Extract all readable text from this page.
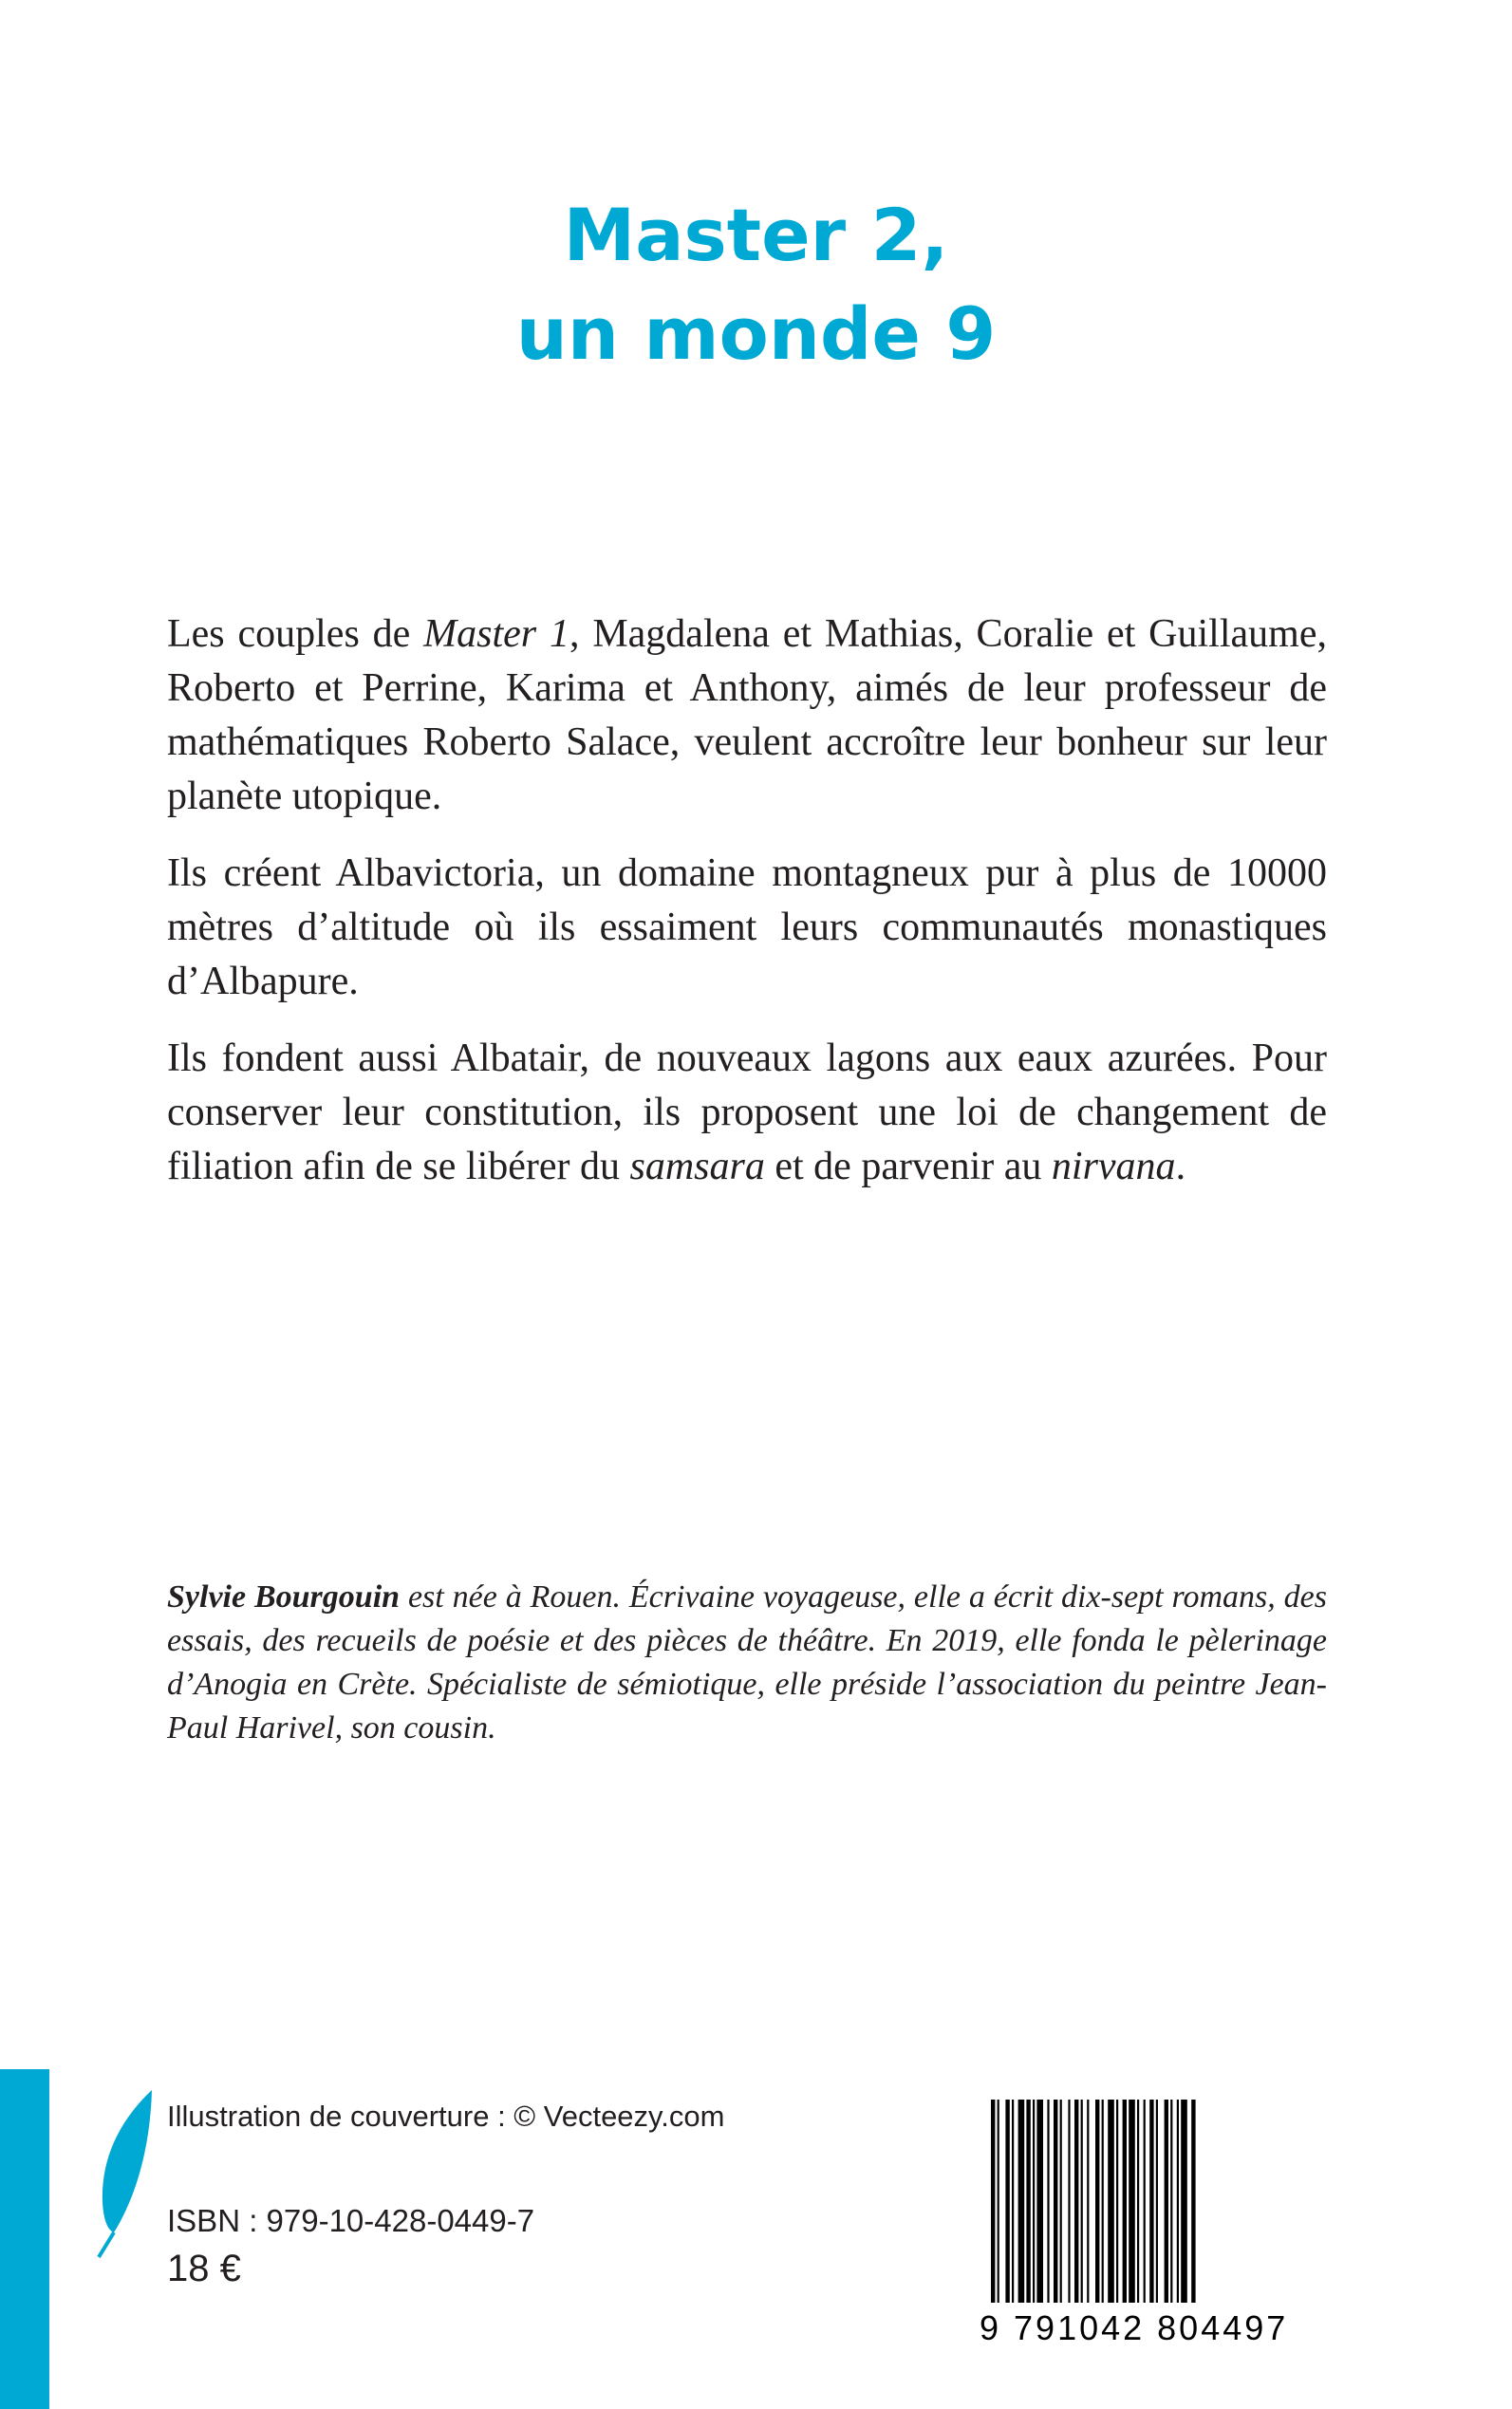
Master 2,
un monde 9

Les couples de Master 1, Magdalena et Mathias, Coralie et Guillaume, Roberto et Perrine, Karima et Anthony, aimés de leur professeur de mathématiques Roberto Salace, veulent accroître leur bonheur sur leur planète utopique.

Ils créent Albavictoria, un domaine montagneux pur à plus de 10000 mètres d’altitude où ils essaiment leurs communautés monastiques d’Albapure.

Ils fondent aussi Albatair, de nouveaux lagons aux eaux azurées. Pour conserver leur constitution, ils proposent une loi de changement de filiation afin de se libérer du samsara et de parvenir au nirvana.

Sylvie Bourgouin est née à Rouen. Écrivaine voyageuse, elle a écrit dix-sept romans, des essais, des recueils de poésie et des pièces de théâtre. En 2019, elle fonda le pèlerinage d’Anogia en Crète. Spécialiste de sémiotique, elle préside l’association du peintre Jean-Paul Harivel, son cousin.

Illustration de couverture : © Vecteezy.com
ISBN : 979-10-428-0449-7
18 €
9 791042 804497
